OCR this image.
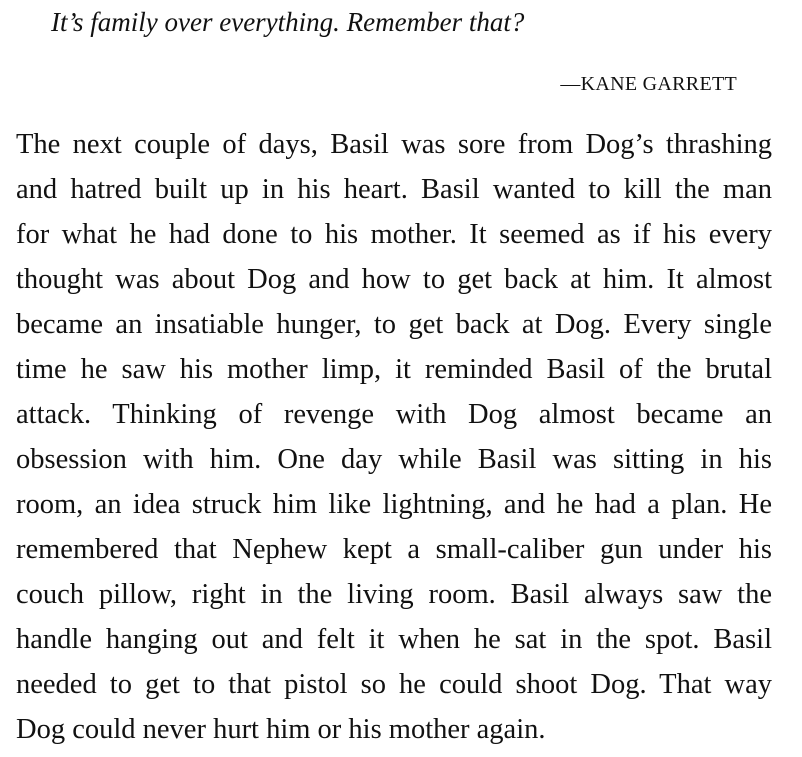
It’s family over everything. Remember that?
—KANE GARRETT
The next couple of days, Basil was sore from Dog’s thrashing
and hatred built up in his heart. Basil wanted to kill the man
for what he had done to his mother. It seemed as if his every
thought was about Dog and how to get back at him. It almost
became an insatiable hunger, to get back at Dog. Every single
time he saw his mother limp, it reminded Basil of the brutal
attack. Thinking of revenge with Dog almost became an
obsession with him. One day while Basil was sitting in his
room, an idea struck him like lightning, and he had a plan. He
remembered that Nephew kept a small-caliber gun under his
couch pillow, right in the living room. Basil always saw the
handle hanging out and felt it when he sat in the spot. Basil
needed to get to that pistol so he could shoot Dog. That way
Dog could never hurt him or his mother again.
